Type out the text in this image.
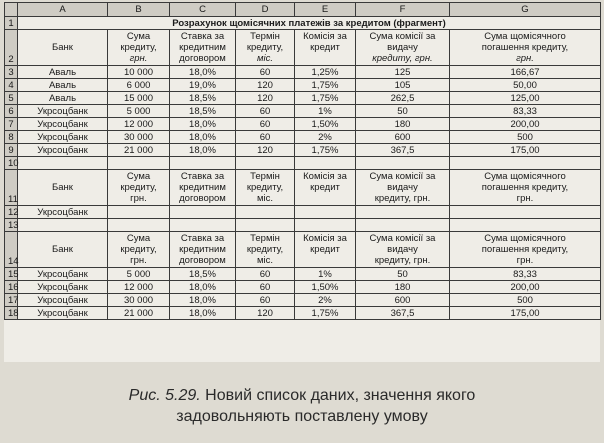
	A	B	C	D	E	F	G
1	Розрахунок щомісячних платежів за кредитом (фрагмент)						
2	Банк	Сума
кредиту,
грн.	Ставка за
кредитним
договором	Термін
кредиту,
міс.	Комісія за
кредит	Сума комісії за
видачу
кредиту, грн.	Сума щомісячного
погашення кредиту,
грн.
3	Аваль	10 000	18,0%	60	1,25%	125	166,67
4	Аваль	6 000	19,0%	120	1,75%	105	50,00
5	Аваль	15 000	18,5%	120	1,75%	262,5	125,00
6	Укрсоцбанк	5 000	18,5%	60	1%	50	83,33
7	Укрсоцбанк	12 000	18,0%	60	1,50%	180	200,00
8	Укрсоцбанк	30 000	18,0%	60	2%	600	500
9	Укрсоцбанк	21 000	18,0%	120	1,75%	367,5	175,00
10							
11	Банк	Сума
кредиту,
грн.	Ставка за
кредитним
договором	Термін
кредиту,
міс.	Комісія за
кредит	Сума комісії за
видачу
кредиту, грн.	Сума щомісячного
погашення кредиту,
грн.
12	Укрсоцбанк						
13							
14	Банк	Сума
кредиту,
грн.	Ставка за
кредитним
договором	Термін
кредиту,
міс.	Комісія за
кредит	Сума комісії за
видачу
кредиту, грн.	Сума щомісячного
погашення кредиту,
грн.
15	Укрсоцбанк	5 000	18,5%	60	1%	50	83,33
16	Укрсоцбанк	12 000	18,0%	60	1,50%	180	200,00
17	Укрсоцбанк	30 000	18,0%	60	2%	600	500
18	Укрсоцбанк	21 000	18,0%	120	1,75%	367,5	175,00
Рис. 5.29. Новий список даних, значення якого
задовольняють поставлену умову
